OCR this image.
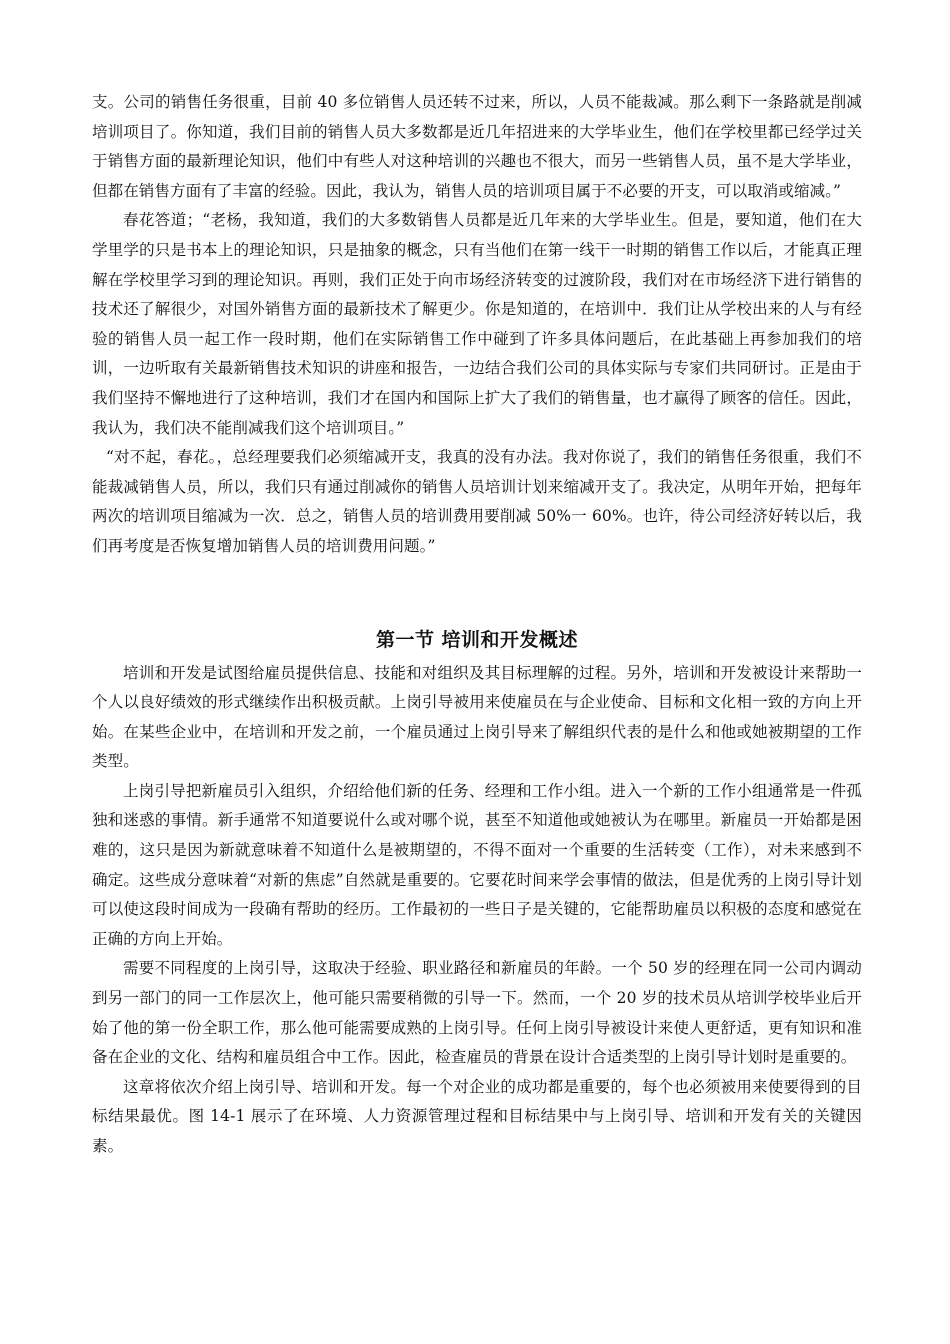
支。公司的销售任务很重，目前 40 多位销售人员还转不过来，所以，人员不能裁减。那么剩下一条路就是削减培训项目了。你知道，我们目前的销售人员大多数都是近几年招进来的大学毕业生，他们在学校里都已经学过关于销售方面的最新理论知识，他们中有些人对这种培训的兴趣也不很大，而另一些销售人员，虽不是大学毕业，但都在销售方面有了丰富的经验。因此，我认为，销售人员的培训项目属于不必要的开支，可以取消或缩减。”

春花答道；“老杨，我知道，我们的大多数销售人员都是近几年来的大学毕业生。但是，要知道，他们在大学里学的只是书本上的理论知识，只是抽象的概念，只有当他们在第一线干一时期的销售工作以后，才能真正理解在学校里学习到的理论知识。再则，我们正处于向市场经济转变的过渡阶段，我们对在市场经济下进行销售的技术还了解很少，对国外销售方面的最新技术了解更少。你是知道的，在培训中．我们让从学校出来的人与有经验的销售人员一起工作一段时期，他们在实际销售工作中碰到了许多具体问题后，在此基础上再参加我们的培训，一边听取有关最新销售技术知识的讲座和报告，一边结合我们公司的具体实际与专家们共同研讨。正是由于我们坚持不懈地进行了这种培训，我们才在国内和国际上扩大了我们的销售量，也才赢得了顾客的信任。因此，我认为，我们决不能削减我们这个培训项目。”

“对不起，春花。，总经理要我们必须缩减开支，我真的没有办法。我对你说了，我们的销售任务很重，我们不能裁减销售人员，所以，我们只有通过削减你的销售人员培训计划来缩减开支了。我决定，从明年开始，把每年两次的培训项目缩减为一次．总之，销售人员的培训费用要削减 50%一 60%。也许，待公司经济好转以后，我们再考度是否恢复增加销售人员的培训费用问题。”

第一节 培训和开发概述

培训和开发是试图给雇员提供信息、技能和对组织及其目标理解的过程。另外，培训和开发被设计来帮助一个人以良好绩效的形式继续作出积极贡献。上岗引导被用来使雇员在与企业使命、目标和文化相一致的方向上开始。在某些企业中，在培训和开发之前，一个雇员通过上岗引导来了解组织代表的是什么和他或她被期望的工作类型。

上岗引导把新雇员引入组织，介绍给他们新的任务、经理和工作小组。进入一个新的工作小组通常是一件孤独和迷惑的事情。新手通常不知道要说什么或对哪个说，甚至不知道他或她被认为在哪里。新雇员一开始都是困难的，这只是因为新就意味着不知道什么是被期望的，不得不面对一个重要的生活转变（工作），对未来感到不确定。这些成分意味着“对新的焦虑”自然就是重要的。它要花时间来学会事情的做法，但是优秀的上岗引导计划可以使这段时间成为一段确有帮助的经历。工作最初的一些日子是关键的，它能帮助雇员以积极的态度和感觉在正确的方向上开始。

需要不同程度的上岗引导，这取决于经验、职业路径和新雇员的年龄。一个 50 岁的经理在同一公司内调动到另一部门的同一工作层次上，他可能只需要稍微的引导一下。然而，一个 20 岁的技术员从培训学校毕业后开始了他的第一份全职工作，那么他可能需要成熟的上岗引导。任何上岗引导被设计来使人更舒适，更有知识和准备在企业的文化、结构和雇员组合中工作。因此，检查雇员的背景在设计合适类型的上岗引导计划时是重要的。

这章将依次介绍上岗引导、培训和开发。每一个对企业的成功都是重要的，每个也必须被用来使要得到的目标结果最优。图 14-1 展示了在环境、人力资源管理过程和目标结果中与上岗引导、培训和开发有关的关键因素。
